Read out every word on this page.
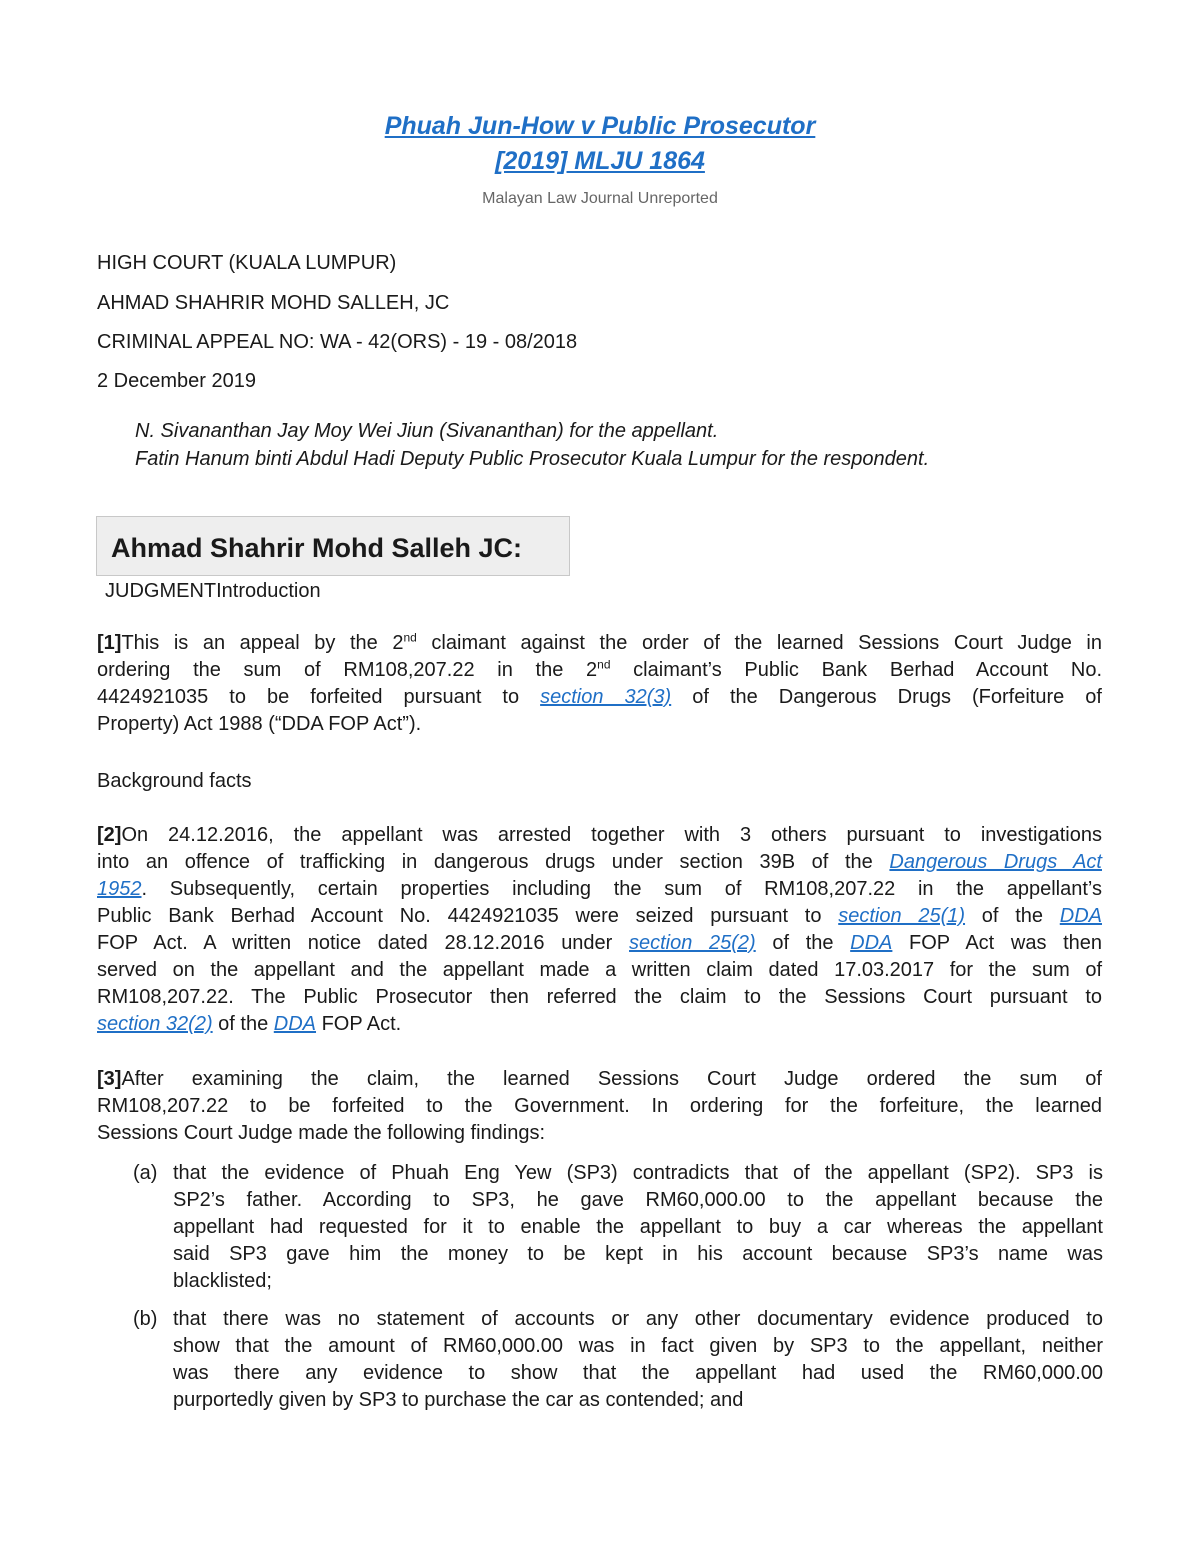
Phuah Jun-How v Public Prosecutor
[2019] MLJU 1864
Malayan Law Journal Unreported
HIGH COURT (KUALA LUMPUR)
AHMAD SHAHRIR MOHD SALLEH, JC
CRIMINAL APPEAL NO: WA - 42(ORS) - 19 - 08/2018
2 December 2019
N. Sivananthan Jay Moy Wei Jiun (Sivananthan) for the appellant.
Fatin Hanum binti Abdul Hadi Deputy Public Prosecutor Kuala Lumpur for the respondent.
Ahmad Shahrir Mohd Salleh JC:
JUDGMENTIntroduction
[1]This is an appeal by the 2nd claimant against the order of the learned Sessions Court Judge in
ordering the sum of RM108,207.22 in the 2nd claimant’s Public Bank Berhad Account No.
4424921035 to be forfeited pursuant to section 32(3) of the Dangerous Drugs (Forfeiture of
Property) Act 1988 (“DDA FOP Act”).
Background facts
[2]On 24.12.2016, the appellant was arrested together with 3 others pursuant to investigations
into an offence of trafficking in dangerous drugs under section 39B of the Dangerous Drugs Act
1952. Subsequently, certain properties including the sum of RM108,207.22 in the appellant’s
Public Bank Berhad Account No. 4424921035 were seized pursuant to section 25(1) of the DDA
FOP Act. A written notice dated 28.12.2016 under section 25(2) of the DDA FOP Act was then
served on the appellant and the appellant made a written claim dated 17.03.2017 for the sum of
RM108,207.22. The Public Prosecutor then referred the claim to the Sessions Court pursuant to
section 32(2) of the DDA FOP Act.
[3]After examining the claim, the learned Sessions Court Judge ordered the sum of
RM108,207.22 to be forfeited to the Government. In ordering for the forfeiture, the learned
Sessions Court Judge made the following findings:
(a) that the evidence of Phuah Eng Yew (SP3) contradicts that of the appellant (SP2). SP3 is
SP2’s father. According to SP3, he gave RM60,000.00 to the appellant because the
appellant had requested for it to enable the appellant to buy a car whereas the appellant
said SP3 gave him the money to be kept in his account because SP3’s name was
blacklisted;
(b) that there was no statement of accounts or any other documentary evidence produced to
show that the amount of RM60,000.00 was in fact given by SP3 to the appellant, neither
was there any evidence to show that the appellant had used the RM60,000.00
purportedly given by SP3 to purchase the car as contended; and
